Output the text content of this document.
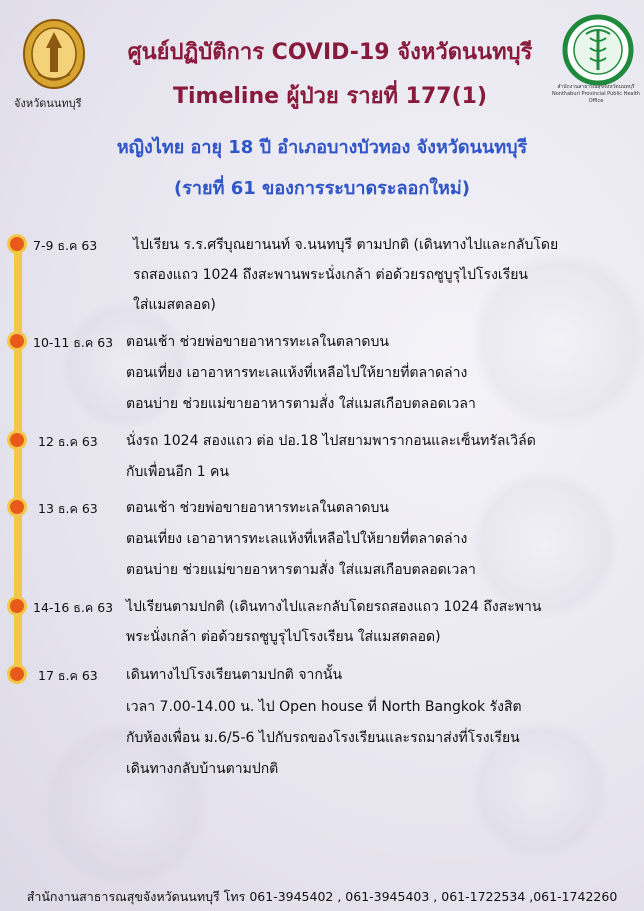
จังหวัดนนทบุรี
สำนักงานสาธารณสุขจังหวัดนนทบุรี Nonthaburi Provincial Public Health Office
ศูนย์ปฏิบัติการ COVID-19 จังหวัดนนทบุรี
Timeline ผู้ป่วย รายที่ 177(1)
หญิงไทย อายุ 18 ปี อำเภอบางบัวทอง จังหวัดนนทบุรี
(รายที่ 61 ของการระบาดระลอกใหม่)
7-9 ธ.ค 63	ไปเรียน ร.ร.ศรีบุณยานนท์ จ.นนทบุรี ตามปกติ (เดินทางไปและกลับโดย
รถสองแถว 1024 ถึงสะพานพระนั่งเกล้า ต่อด้วยรถซูบูรุไปโรงเรียน
ใส่แมสตลอด)
10-11 ธ.ค 63 ตอนเช้า ช่วยพ่อขายอาหารทะเลในตลาดบน
ตอนเที่ยง เอาอาหารทะเลแห้งที่เหลือไปให้ยายที่ตลาดล่าง
ตอนบ่าย ช่วยแม่ขายอาหารตามสั่ง ใส่แมสเกือบตลอดเวลา
12 ธ.ค 63 นั่งรถ 1024 สองแถว ต่อ ปอ.18 ไปสยามพารากอนและเซ็นทรัลเวิล์ด
กับเพื่อนอีก 1 คน
13 ธ.ค 63 ตอนเช้า ช่วยพ่อขายอาหารทะเลในตลาดบน
ตอนเที่ยง เอาอาหารทะเลแห้งที่เหลือไปให้ยายที่ตลาดล่าง
ตอนบ่าย ช่วยแม่ขายอาหารตามสั่ง ใส่แมสเกือบตลอดเวลา
14-16 ธ.ค 63 ไปเรียนตามปกติ (เดินทางไปและกลับโดยรถสองแถว 1024 ถึงสะพาน
พระนั่งเกล้า ต่อด้วยรถซูบูรุไปโรงเรียน ใส่แมสตลอด)
17 ธ.ค 63 เดินทางไปโรงเรียนตามปกติ จากนั้น
เวลา 7.00-14.00 น. ไป Open house ที่ North Bangkok รังสิต
กับห้องเพื่อน ม.6/5-6 ไปกับรถของโรงเรียนและรถมาส่งที่โรงเรียน
เดินทางกลับบ้านตามปกติ
สำนักงานสาธารณสุขจังหวัดนนทบุรี โทร 061-3945402 , 061-3945403 , 061-1722534 ,061-1742260
